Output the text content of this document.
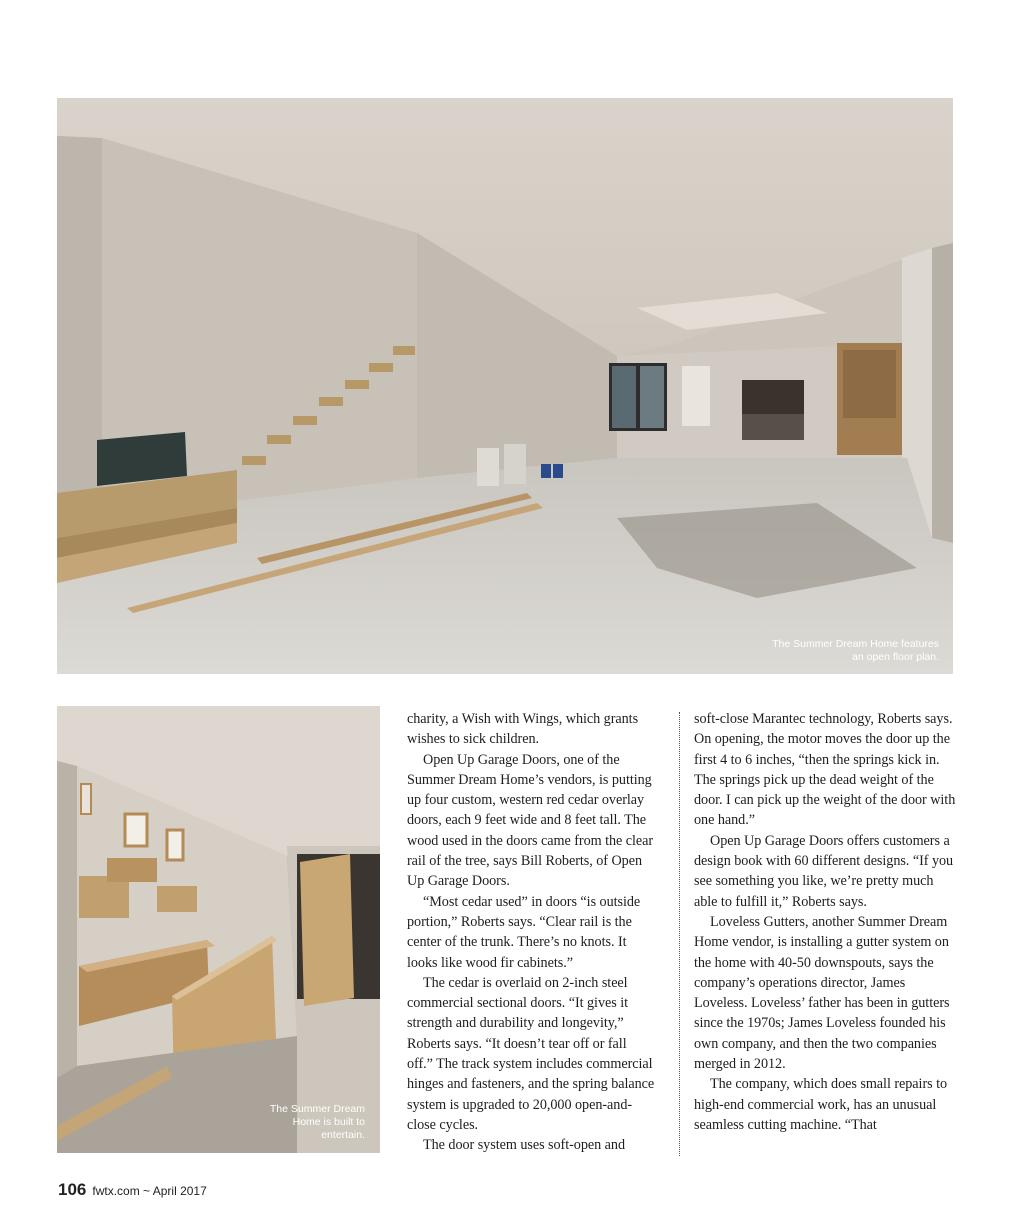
The Summer Dream Home features
an open floor plan.
The Summer Dream
Home is built to
entertain.

charity, a Wish with Wings, which grants wishes to sick children.

Open Up Garage Doors, one of the Summer Dream Home’s vendors, is putting up four custom, western red cedar overlay doors, each 9 feet wide and 8 feet tall. The wood used in the doors came from the clear rail of the tree, says Bill Roberts, of Open Up Garage Doors.

“Most cedar used” in doors “is outside portion,” Roberts says. “Clear rail is the center of the trunk. There’s no knots. It looks like wood fir cabinets.”

The cedar is overlaid on 2-inch steel commercial sectional doors. “It gives it strength and durability and longevity,” Roberts says. “It doesn’t tear off or fall off.” The track system includes commercial hinges and fasteners, and the spring balance system is upgraded to 20,000 open-and-close cycles.

The door system uses soft-open and

soft-close Marantec technology, Roberts says. On opening, the motor moves the door up the first 4 to 6 inches, “then the springs kick in. The springs pick up the dead weight of the door. I can pick up the weight of the door with one hand.”

Open Up Garage Doors offers customers a design book with 60 different designs. “If you see something you like, we’re pretty much able to fulfill it,” Roberts says.

Loveless Gutters, another Summer Dream Home vendor, is installing a gutter system on the home with 40-50 downspouts, says the company’s operations director, James Loveless. Loveless’ father has been in gutters since the 1970s; James Loveless founded his own company, and then the two companies merged in 2012.

The company, which does small repairs to high-end commercial work, has an unusual seamless cutting machine. “That

106 fwtx.com ~ April 2017
